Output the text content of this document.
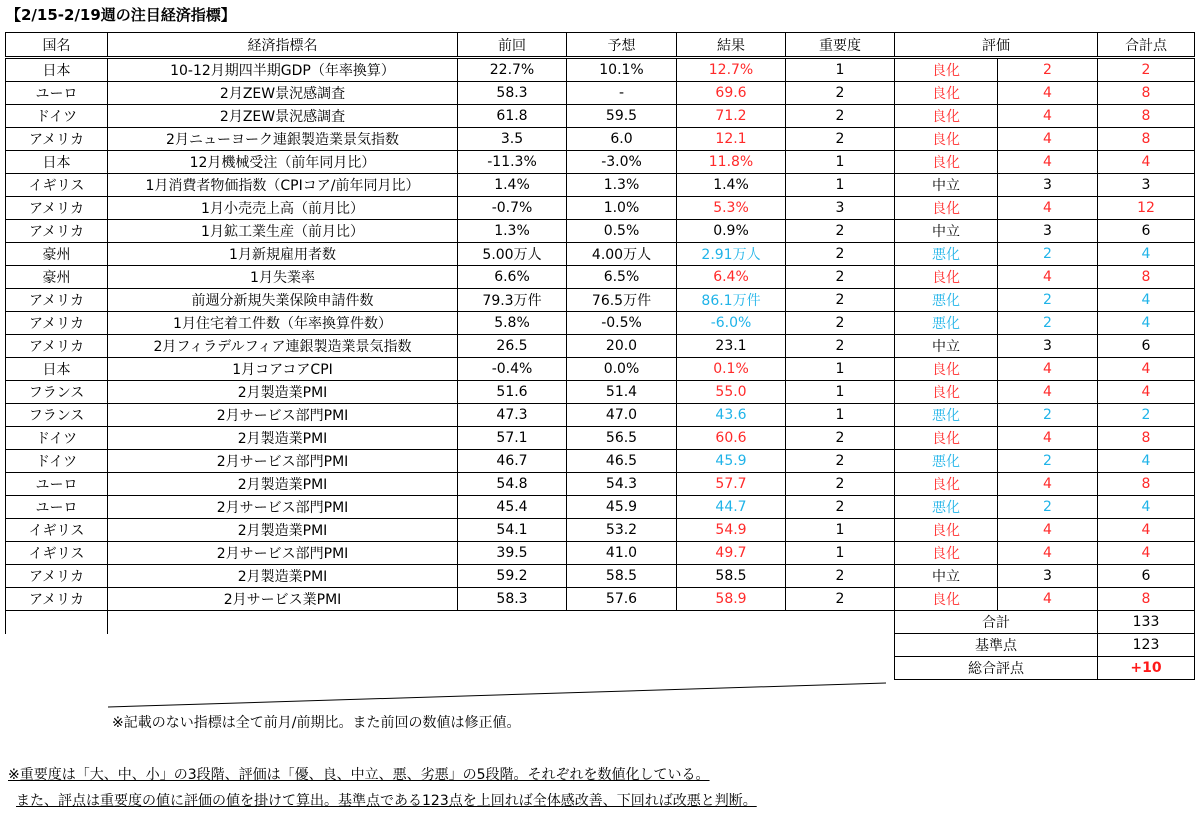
【2/15-2/19週の注目経済指標】
国名	経済指標名	前回	予想	結果	重要度	評価		合計点
日本	10-12月期四半期GDP（年率換算）	22.7%	10.1%	12.7%	1	良化	2	2
ユーロ	2月ZEW景況感調査	58.3	-	69.6	2	良化	4	8
ドイツ	2月ZEW景況感調査	61.8	59.5	71.2	2	良化	4	8
アメリカ	2月ニューヨーク連銀製造業景気指数	3.5	6.0	12.1	2	良化	4	8
日本	12月機械受注（前年同月比）	-11.3%	-3.0%	11.8%	1	良化	4	4
イギリス	1月消費者物価指数（CPIコア/前年同月比）	1.4%	1.3%	1.4%	1	中立	3	3
アメリカ	1月小売売上高（前月比）	-0.7%	1.0%	5.3%	3	良化	4	12
アメリカ	1月鉱工業生産（前月比）	1.3%	0.5%	0.9%	2	中立	3	6
豪州	1月新規雇用者数	5.00万人	4.00万人	2.91万人	2	悪化	2	4
豪州	1月失業率	6.6%	6.5%	6.4%	2	良化	4	8
アメリカ	前週分新規失業保険申請件数	79.3万件	76.5万件	86.1万件	2	悪化	2	4
アメリカ	1月住宅着工件数（年率換算件数）	5.8%	-0.5%	-6.0%	2	悪化	2	4
アメリカ	2月フィラデルフィア連銀製造業景気指数	26.5	20.0	23.1	2	中立	3	6
日本	1月コアコアCPI	-0.4%	0.0%	0.1%	1	良化	4	4
フランス	2月製造業PMI	51.6	51.4	55.0	1	良化	4	4
フランス	2月サービス部門PMI	47.3	47.0	43.6	1	悪化	2	2
ドイツ	2月製造業PMI	57.1	56.5	60.6	2	良化	4	8
ドイツ	2月サービス部門PMI	46.7	46.5	45.9	2	悪化	2	4
ユーロ	2月製造業PMI	54.8	54.3	57.7	2	良化	4	8
ユーロ	2月サービス部門PMI	45.4	45.9	44.7	2	悪化	2	4
イギリス	2月製造業PMI	54.1	53.2	54.9	1	良化	4	4
イギリス	2月サービス部門PMI	39.5	41.0	49.7	1	良化	4	4
アメリカ	2月製造業PMI	59.2	58.5	58.5	2	中立	3	6
アメリカ	2月サービス業PMI	58.3	57.6	58.9	2	良化	4	8
						合計		133
						基準点		123
						総合評点		+10
※記載のない指標は全て前月/前期比。また前回の数値は修正値。
※重要度は「大、中、小」の3段階、評価は「優、良、中立、悪、劣悪」の5段階。それぞれを数値化している。
また、評点は重要度の値に評価の値を掛けて算出。基準点である123点を上回れば全体感改善、下回れば改悪と判断。
